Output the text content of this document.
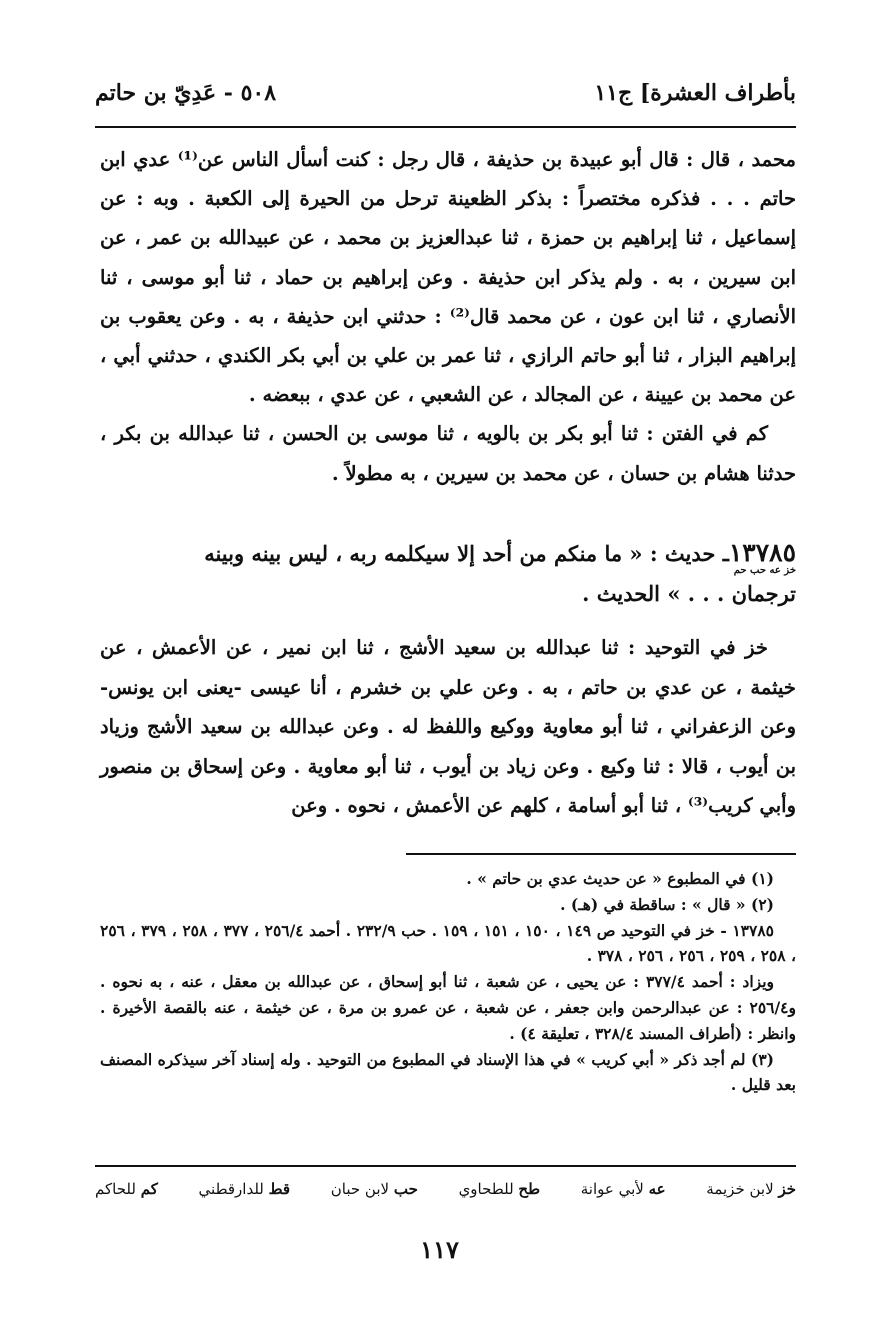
٥٠٨ - عَدِيّ بن حاتم	بأطراف العشرة] ج١١

محمد ، قال : قال أبو عبيدة بن حذيفة ، قال رجل : كنت أسأل الناس عن⁽¹⁾ عدي ابن حاتم . . . فذكره مختصراً : بذكر الظعينة ترحل من الحيرة إلى الكعبة . وبه : عن إسماعيل ، ثنا إبراهيم بن حمزة ، ثنا عبدالعزيز بن محمد ، عن عبيدالله بن عمر ، عن ابن سيرين ، به . ولم يذكر ابن حذيفة . وعن إبراهيم بن حماد ، ثنا أبو موسى ، ثنا الأنصاري ، ثنا ابن عون ، عن محمد قال⁽²⁾ : حدثني ابن حذيفة ، به . وعن يعقوب بن إبراهيم البزار ، ثنا أبو حاتم الرازي ، ثنا عمر بن علي بن أبي بكر الكندي ، حدثني أبي ، عن محمد بن عيينة ، عن المجالد ، عن الشعبي ، عن عدي ، ببعضه .

كم في الفتن : ثنا أبو بكر بن بالويه ، ثنا موسى بن الحسن ، ثنا عبدالله بن بكر ، حدثنا هشام بن حسان ، عن محمد بن سيرين ، به مطولاً .

١٣٧٨٥ـ حديث : « ما منكم من أحد إلا سيكلمه ربه ، ليس بينه وبينه
خز عه حب حم
ترجمان . . . » الحديث .

خز في التوحيد : ثنا عبدالله بن سعيد الأشج ، ثنا ابن نمير ، عن الأعمش ، عن خيثمة ، عن عدي بن حاتم ، به . وعن علي بن خشرم ، أنا عيسى -يعنى ابن يونس- وعن الزعفراني ، ثنا أبو معاوية ووكيع واللفظ له . وعن عبدالله بن سعيد الأشج وزياد بن أيوب ، قالا : ثنا وكيع . وعن زياد بن أيوب ، ثنا أبو معاوية . وعن إسحاق بن منصور وأبي كريب⁽³⁾ ، ثنا أبو أسامة ، كلهم عن الأعمش ، نحوه . وعن

(١) في المطبوع « عن حديث عدي بن حاتم » .

(٢) « قال » : ساقطة في (هـ) .

١٣٧٨٥ - خز في التوحيد ص ١٤٩ ، ١٥٠ ، ١٥١ ، ١٥٩ . حب ٢٣٢/٩ . أحمد ٢٥٦/٤ ، ٣٧٧ ، ٢٥٨ ، ٣٧٩ ، ٢٥٦ ، ٢٥٨ ، ٢٥٩ ، ٢٥٦ ، ٢٥٦ ، ٣٧٨ .

ويزاد : أحمد ٣٧٧/٤ : عن يحيى ، عن شعبة ، ثنا أبو إسحاق ، عن عبدالله بن معقل ، عنه ، به نحوه . و٢٥٦/٤ : عن عبدالرحمن وابن جعفر ، عن شعبة ، عن عمرو بن مرة ، عن خيثمة ، عنه بالقصة الأخيرة . وانظر : (أطراف المسند ٣٢٨/٤ ، تعليقة ٤) .

(٣) لم أجد ذكر « أبي كريب » في هذا الإسناد في المطبوع من التوحيد . وله إسناد آخر سيذكره المصنف بعد قليل .

خز لابن خزيمة
عه لأبي عوانة
طح للطحاوي
حب لابن حبان
قط للدارقطني
كم للحاكم
١١٧
